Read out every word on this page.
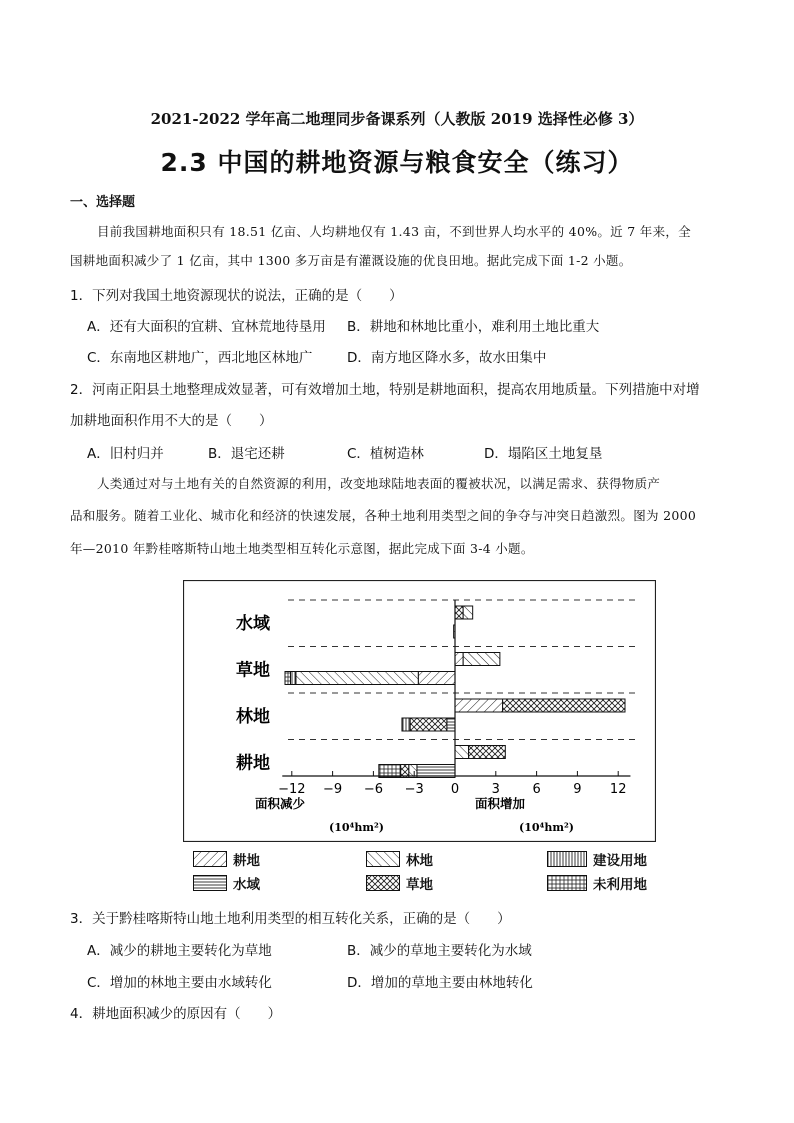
2021-2022 学年高二地理同步备课系列（人教版 2019 选择性必修 3）
2.3 中国的耕地资源与粮食安全（练习）
一、选择题
目前我国耕地面积只有 18.51 亿亩、人均耕地仅有 1.43 亩，不到世界人均水平的 40%。近 7 年来，全
国耕地面积减少了 1 亿亩，其中 1300 多万亩是有灌溉设施的优良田地。据此完成下面 1-2 小题。
1．下列对我国土地资源现状的说法，正确的是（　　）
A．还有大面积的宜耕、宜林荒地待垦用 B．耕地和林地比重小，难利用土地比重大
C．东南地区耕地广，西北地区林地广	D．南方地区降水多，故水田集中
2．河南正阳县土地整理成效显著，可有效增加土地，特别是耕地面积，提高农用地质量。下列措施中对增
加耕地面积作用不大的是（　　）
A．旧村归并	B．退宅还耕	C．植树造林	D．塌陷区土地复垦
人类通过对与土地有关的自然资源的利用，改变地球陆地表面的覆被状况，以满足需求、获得物质产
品和服务。随着工业化、城市化和经济的快速发展，各种土地利用类型之间的争夺与冲突日趋激烈。图为 2000
年—2010 年黔桂喀斯特山地土地类型相互转化示意图，据此完成下面 3-4 小题。
−12 −9 −6 −3 0	3	6	9 12
水域
草地
林地
耕地
面积减少	面积增加
(10⁴hm²)	(10⁴hm²)
耕地	林地	建设用地
水域	草地	未利用地
3．关于黔桂喀斯特山地土地利用类型的相互转化关系，正确的是（　　）
A．减少的耕地主要转化为草地	B．减少的草地主要转化为水域
C．增加的林地主要由水域转化	D．增加的草地主要由林地转化
4．耕地面积减少的原因有（　　）
